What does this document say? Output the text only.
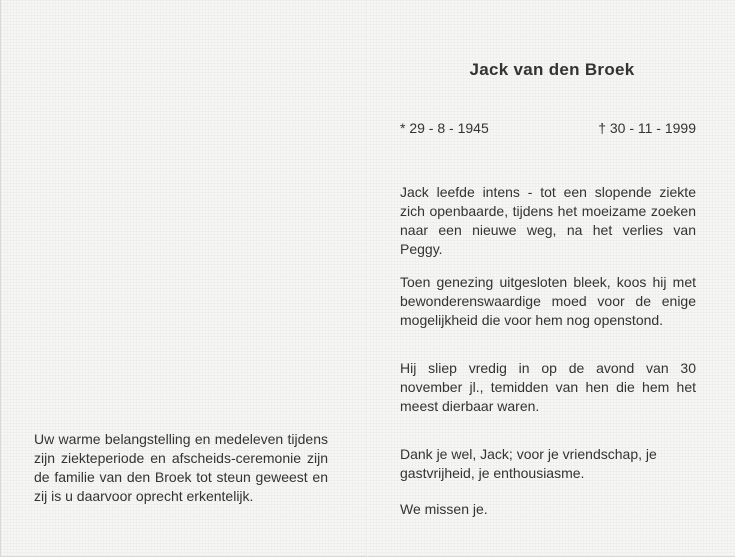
Uw warme belangstelling en medeleven tijdens zijn ziekteperiode en afscheids-ceremonie zijn de familie van den Broek tot steun geweest en zij is u daarvoor oprecht erkentelijk.

Jack van den Broek
* 29 - 8 - 1945	† 30 - 11 - 1999

Jack leefde intens - tot een slopende ziekte zich openbaarde, tijdens het moeizame zoeken naar een nieuwe weg, na het verlies van Peggy.

Toen genezing uitgesloten bleek, koos hij met bewonderenswaardige moed voor de enige mogelijkheid die voor hem nog openstond.

Hij sliep vredig in op de avond van 30 november jl., temidden van hen die hem het meest dierbaar waren.

Dank je wel, Jack; voor je vriendschap, je gastvrijheid, je enthousiasme.

We missen je.
